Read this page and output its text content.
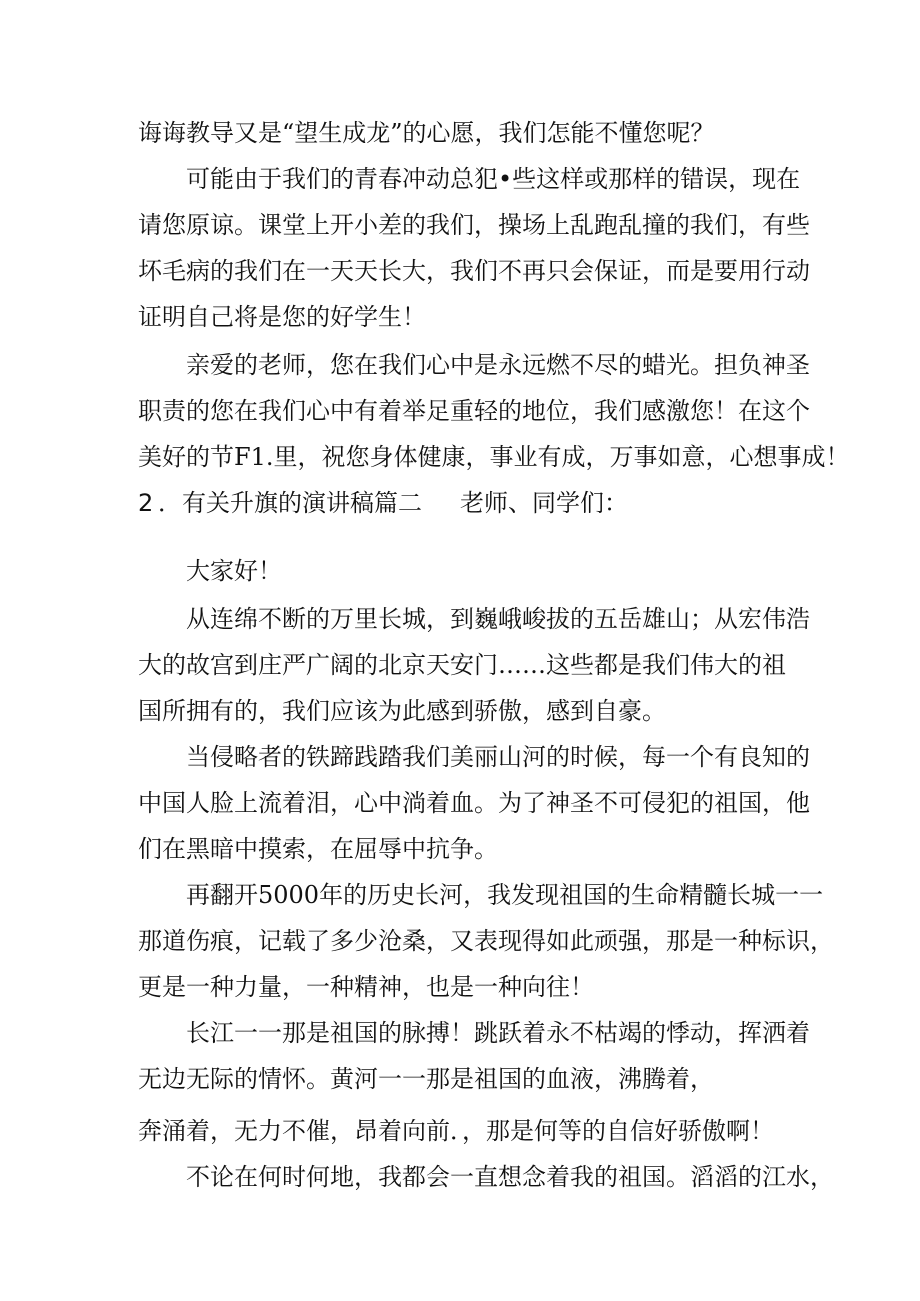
诲诲教导又是“望生成龙”的心愿，我们怎能不懂您呢？
可能由于我们的青春冲动总犯•些这样或那样的错误，现在
请您原谅。课堂上开小差的我们，操场上乱跑乱撞的我们，有些
坏毛病的我们在一天天长大，我们不再只会保证，而是要用行动
证明自己将是您的好学生！
亲爱的老师，您在我们心中是永远燃不尽的蜡光。担负神圣
职责的您在我们心中有着举足重轻的地位，我们感激您！在这个
美好的节F1.里，祝您身体健康，事业有成，万事如意，心想事成！
2 ．有关升旗的演讲稿篇二 老师、同学们：
大家好！
从连绵不断的万里长城，到巍峨峻拔的五岳雄山；从宏伟浩
大的故宫到庄严广阔的北京天安门……这些都是我们伟大的祖
国所拥有的，我们应该为此感到骄傲，感到自豪。
当侵略者的铁蹄践踏我们美丽山河的时候，每一个有良知的
中国人脸上流着泪，心中淌着血。为了神圣不可侵犯的祖国，他
们在黑暗中摸索，在屈辱中抗争。
再翻开5000年的历史长河，我发现祖国的生命精髓长城一一
那道伤痕，记载了多少沧桑，又表现得如此顽强，那是一种标识，
更是一种力量，一种精神，也是一种向往！
长江一一那是祖国的脉搏！跳跃着永不枯竭的悸动，挥洒着
无边无际的情怀。黄河一一那是祖国的血液，沸腾着，
奔涌着，无力不催，昂着向前．，那是何等的自信好骄傲啊！
不论在何时何地，我都会一直想念着我的祖国。滔滔的江水，
